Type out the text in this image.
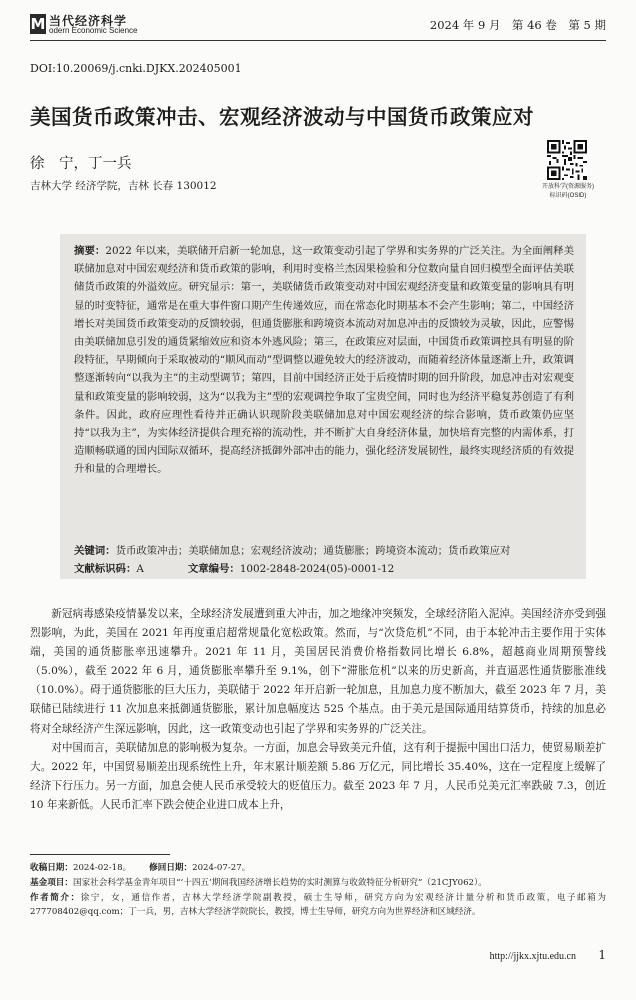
M 当代经济科学
odern Economic Science	2024 年 9 月　第 46 卷　第 5 期
DOI:10.20069/j.cnki.DJKX.202405001
美国货币政策冲击、宏观经济波动与中国货币政策应对
徐　宁，丁一兵
吉林大学 经济学院，吉林 长春 130012	开放科学(资源服务)标识码(OSID)

摘要：2022 年以来，美联储开启新一轮加息，这一政策变动引起了学界和实务界的广泛关注。为全面阐释美联储加息对中国宏观经济和货币政策的影响，利用时变格兰杰因果检验和分位数向量自回归模型全面评估美联储货币政策的外溢效应。研究显示：第一，美联储货币政策变动对中国宏观经济变量和政策变量的影响具有明显的时变特征，通常是在重大事件窗口期产生传递效应，而在常态化时期基本不会产生影响；第二，中国经济增长对美国货币政策变动的反馈较弱，但通货膨胀和跨境资本流动对加息冲击的反馈较为灵敏，因此，应警惕由美联储加息引发的通货紧缩效应和资本外逃风险；第三，在政策应对层面，中国货币政策调控具有明显的阶段特征，早期倾向于采取被动的“顺风而动”型调整以避免较大的经济波动，而随着经济体量逐渐上升，政策调整逐渐转向“以我为主”的主动型调节；第四，目前中国经济正处于后疫情时期的回升阶段，加息冲击对宏观变量和政策变量的影响较弱，这为“以我为主”型的宏观调控争取了宝贵空间，同时也为经济平稳复苏创造了有利条件。因此，政府应理性看待并正确认识现阶段美联储加息对中国宏观经济的综合影响，货币政策仍应坚持“以我为主”，为实体经济提供合理充裕的流动性，并不断扩大自身经济体量，加快培育完整的内需体系，打造顺畅联通的国内国际双循环，提高经济抵御外部冲击的能力，强化经济发展韧性，最终实现经济质的有效提升和量的合理增长。

关键词：货币政策冲击；美联储加息；宏观经济波动；通货膨胀；跨境资本流动；货币政策应对
文献标识码：A	文章编号：1002-2848-2024(05)-0001-12

新冠病毒感染疫情暴发以来，全球经济发展遭到重大冲击，加之地缘冲突频发，全球经济陷入泥淖。美国经济亦受到强烈影响，为此，美国在 2021 年再度重启超常规量化宽松政策。然而，与“次贷危机”不同，由于本轮冲击主要作用于实体端，美国的通货膨胀率迅速攀升。2021 年 11 月，美国居民消费价格指数同比增长 6.8%，超越商业周期预警线（5.0%），截至 2022 年 6 月，通货膨胀率攀升至 9.1%，创下“滞胀危机”以来的历史新高，并直逼恶性通货膨胀准线（10.0%）。碍于通货膨胀的巨大压力，美联储于 2022 年开启新一轮加息，且加息力度不断加大，截至 2023 年 7 月，美联储已陆续进行 11 次加息来抵御通货膨胀，累计加息幅度达 525 个基点。由于美元是国际通用结算货币，持续的加息必将对全球经济产生深远影响，因此，这一政策变动也引起了学界和实务界的广泛关注。

对中国而言，美联储加息的影响极为复杂。一方面，加息会导致美元升值，这有利于提振中国出口活力，使贸易顺差扩大。2022 年，中国贸易顺差出现系统性上升，年末累计顺差额 5.86 万亿元，同比增长 35.40%，这在一定程度上缓解了经济下行压力。另一方面，加息会使人民币承受较大的贬值压力。截至 2023 年 7 月，人民币兑美元汇率跌破 7.3，创近 10 年来新低。人民币汇率下跌会使企业进口成本上升，

收稿日期：2024-02-18。 修回日期：2024-07-27。
基金项目：国家社会科学基金青年项目“‘十四五’期间我国经济增长趋势的实时测算与收敛特征分析研究”（21CJY062）。

作者简介：徐宁，女，通信作者，吉林大学经济学院副教授，硕士生导师，研究方向为宏观经济计量分析和货币政策，电子邮箱为 277708402@qq.com；丁一兵，男，吉林大学经济学院院长，教授，博士生导师，研究方向为世界经济和区域经济。

http://jjkx.xjtu.edu.cn 1
